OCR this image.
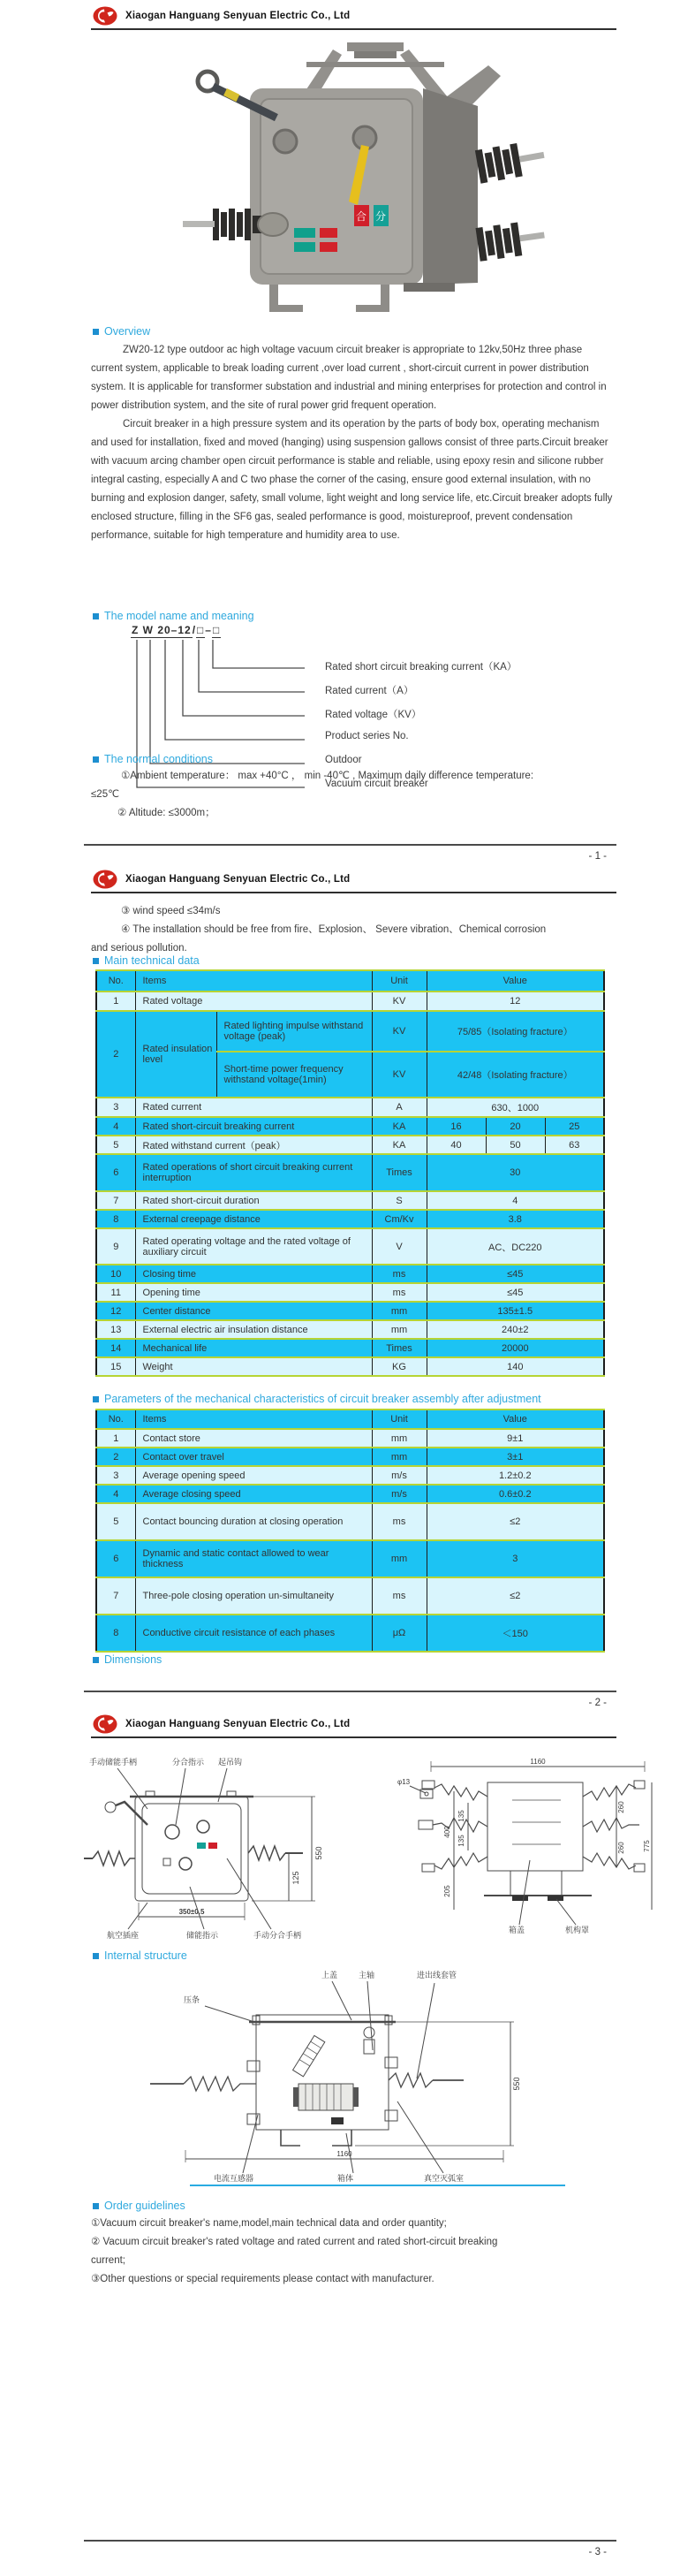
Xiaogan Hanguang Senyuan Electric Co., Ltd
合 分
Overview

ZW20-12 type outdoor ac high voltage vacuum circuit breaker is appropriate to 12kv,50Hz three phase current system, applicable to break loading current ,over load current , short-circuit current in power distribution system. It is applicable for transformer substation and industrial and mining enterprises for protection and control in power distribution system, and the site of rural power grid frequent operation.

Circuit breaker in a high pressure system and its operation by the parts of body box, operating mechanism and used for installation, fixed and moved (hanging) using suspension gallows consist of three parts.Circuit breaker with vacuum arcing chamber open circuit performance is stable and reliable, using epoxy resin and silicone rubber integral casting, especially A and C two phase the corner of the casing, ensure good external insulation, with no burning and explosion danger, safety, small volume, light weight and long service life, etc.Circuit breaker adopts fully enclosed structure, filling in the SF6 gas, sealed performance is good, moistureproof, prevent condensation performance, suitable for high temperature and humidity area to use.

The model name and meaning
Z W 20–12/□–□
Rated short circuit breaking current（KA）
Rated current（A）
Rated voltage（KV）
Product series No.
Outdoor
Vacuum circuit breaker
The normal conditions
①Ambient temperature： max +40°C ， min -40℃ , Maximum daily difference temperature:
≤25℃
② Altitude: ≤3000m；
- 1 -
Xiaogan Hanguang Senyuan Electric Co., Ltd
③ wind speed ≤34m/s
④ The installation should be free from fire、Explosion、 Severe vibration、Chemical corrosion
and serious pollution.
Main technical data
No.	Items		Unit	Value		
1	Rated voltage		KV	12		
2	Rated insulation level	Rated lighting impulse withstand voltage (peak)	KV	75/85（Isolating fracture）		
		Short-time power frequency withstand voltage(1min)	KV	42/48（Isolating fracture）		
3	Rated current		A	630、1000		
4	Rated short-circuit breaking current		KA	16	20	25
5	Rated withstand current（peak）		KA	40	50	63
6	Rated operations of short circuit breaking current interruption		Times	30		
7	Rated short-circuit duration		S	4		
8	External creepage distance		Cm/Kv	3.8		
9	Rated operating voltage and the rated voltage of auxiliary circuit		V	AC、DC220		
10	Closing time		ms	≤45		
11	Opening time		ms	≤45		
12	Center distance		mm	135±1.5		
13	External electric air insulation distance		mm	240±2		
14	Mechanical life		Times	20000		
15	Weight		KG	140		
Parameters of the mechanical characteristics of circuit breaker assembly after adjustment
No.	Items	Unit	Value
1	Contact store	mm	9±1
2	Contact over travel	mm	3±1
3	Average opening speed	m/s	1.2±0.2
4	Average closing speed	m/s	0.6±0.2
5	Contact bouncing duration at closing operation	ms	≤2
6	Dynamic and static contact allowed to wear thickness	mm	3
7	Three-pole closing operation un-simultaneity	ms	≤2
8	Conductive circuit resistance of each phases	μΩ	＜150
Dimensions
- 2 -
Xiaogan Hanguang Senyuan Electric Co., Ltd
手动储能手柄	分合指示 起吊钩
550
125
350±0.5
航空插座	储能指示	手动分合手柄
1160
φ13
135
135
400
205
260
260	775
箱盖	机构罩
Internal structure
上盖	主轴	进出线套管
压条
550
1160
电流互感器	箱体	真空灭弧室
Order guidelines
①Vacuum circuit breaker's name,model,main technical data and order quantity;
② Vacuum circuit breaker's rated voltage and rated current and rated short-circuit breaking
current;
③Other questions or special requirements please contact with manufacturer.
- 3 -
